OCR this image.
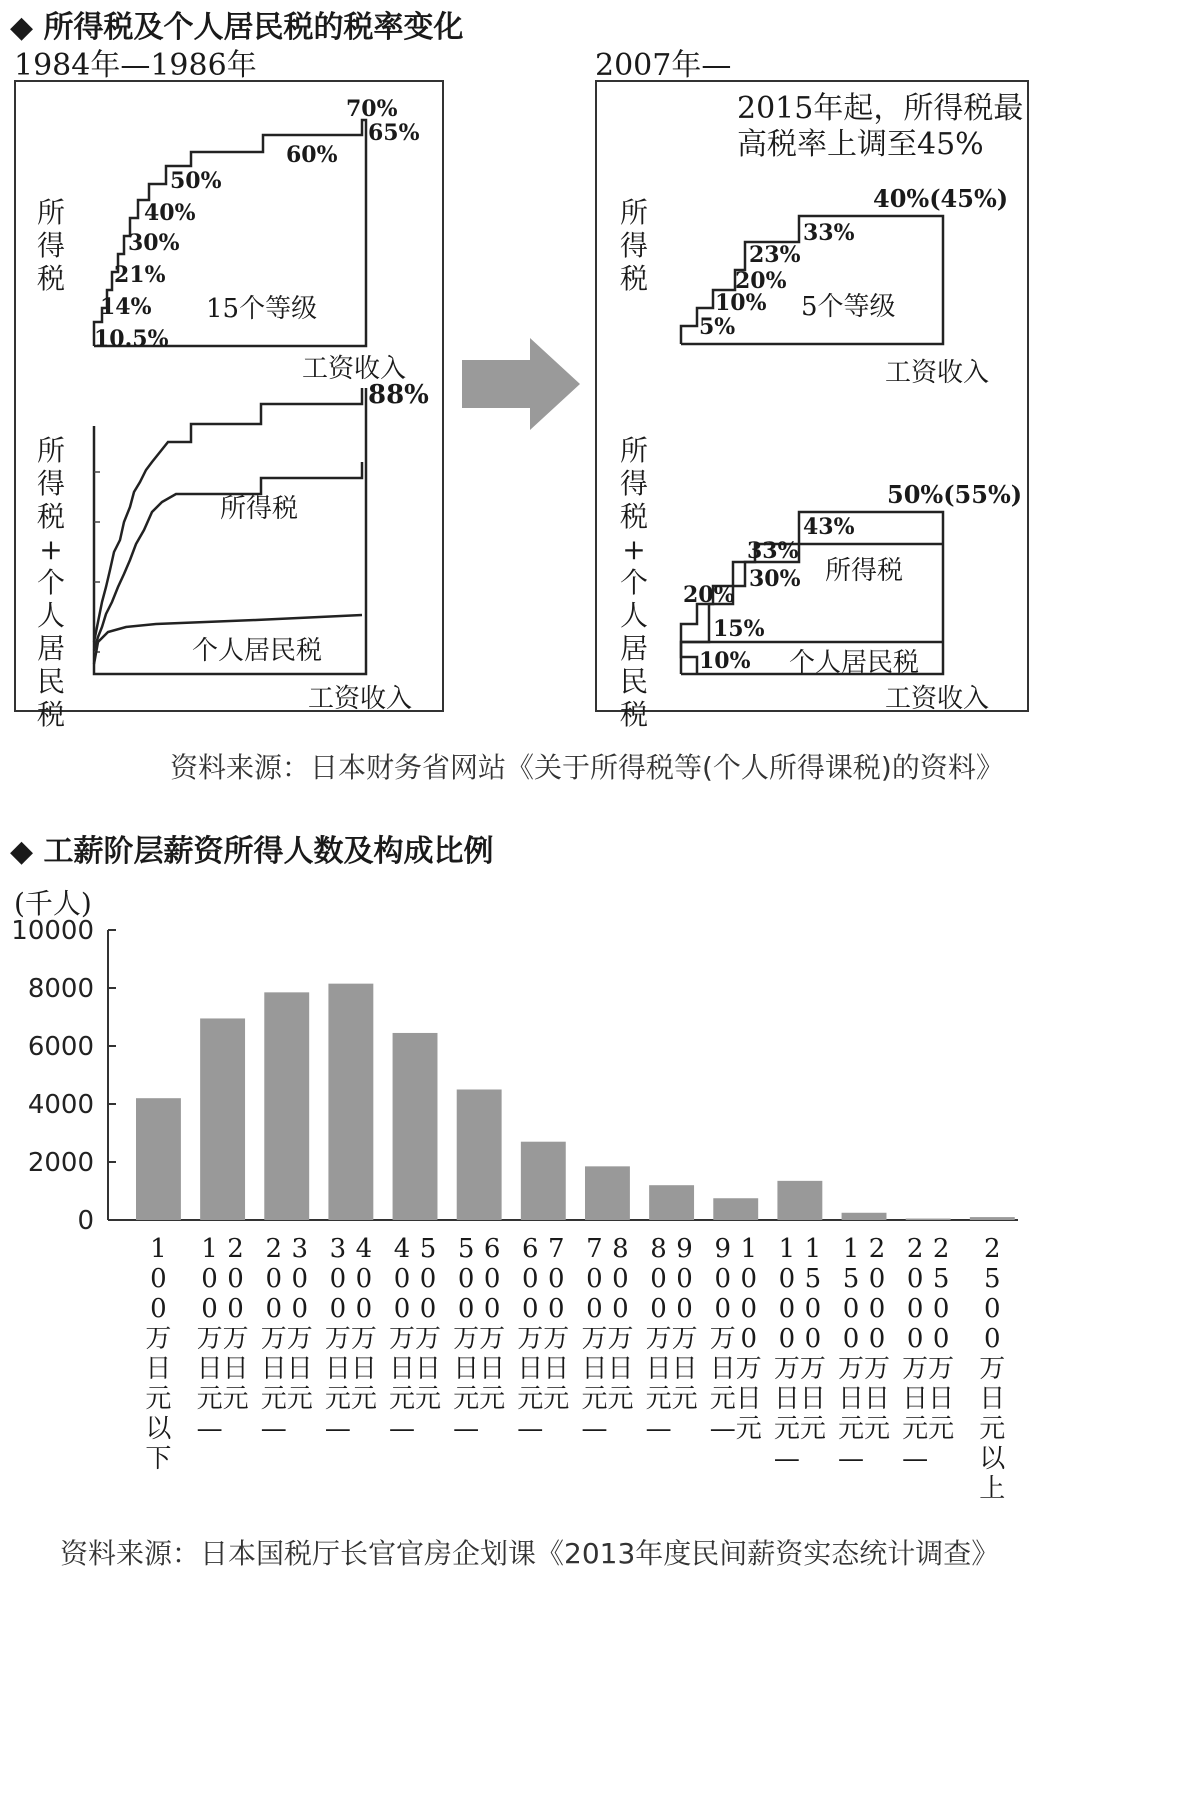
◆ 所得税及个人居民税的税率变化
1984年—1986年	2007年—
所
得
税
10.5%
14%
21%
30%
40%
50%
60%
65%
70%
15个等级
工资收入
所
得
税
+
个
人
居
民
税
88%
所得税
个人居民税
工资收入
2015年起，所得税最
高税率上调至45%
所
得
税
5%
10%
20%
23%
33%
40%(45%)
5个等级
工资收入
所
得
税
+
个
人
居
民
税
10%
15%
20%
30%
33%
43%
50%(55%)
所得税
个人居民税
工资收入
资料来源：日本财务省网站《关于所得税等(个人所得课税)的资料》
◆ 工薪阶层薪资所得人数及构成比例
(千人)
0
2000
4000
6000
8000
10000
1
0
0
万
日
元
以
下
1
0
0
万
日
元
—
2
0
0
万
日
元
2
0
0
万
日
元
—
3
0
0
万
日
元
3
0
0
万
日
元
—
4
0
0
万
日
元
4
0
0
万
日
元
—
5
0
0
万
日
元
5
0
0
万
日
元
—
6
0
0
万
日
元
6
0
0
万
日
元
—
7
0
0
万
日
元
7
0
0
万
日
元
—
8
0
0
万
日
元
8
0
0
万
日
元
—
9
0
0
万
日
元
9
0
0
万
日
元
—
1
0
0
0
万
日
元
1
0
0
0
万
日
元
—
1
5
0
0
万
日
元
1
5
0
0
万
日
元
—
2
0
0
0
万
日
元
2
0
0
0
万
日
元
—
2
5
0
0
万
日
元
2
5
0
0
万
日
元
以
上
资料来源：日本国税厅长官官房企划课《2013年度民间薪资实态统计调查》
